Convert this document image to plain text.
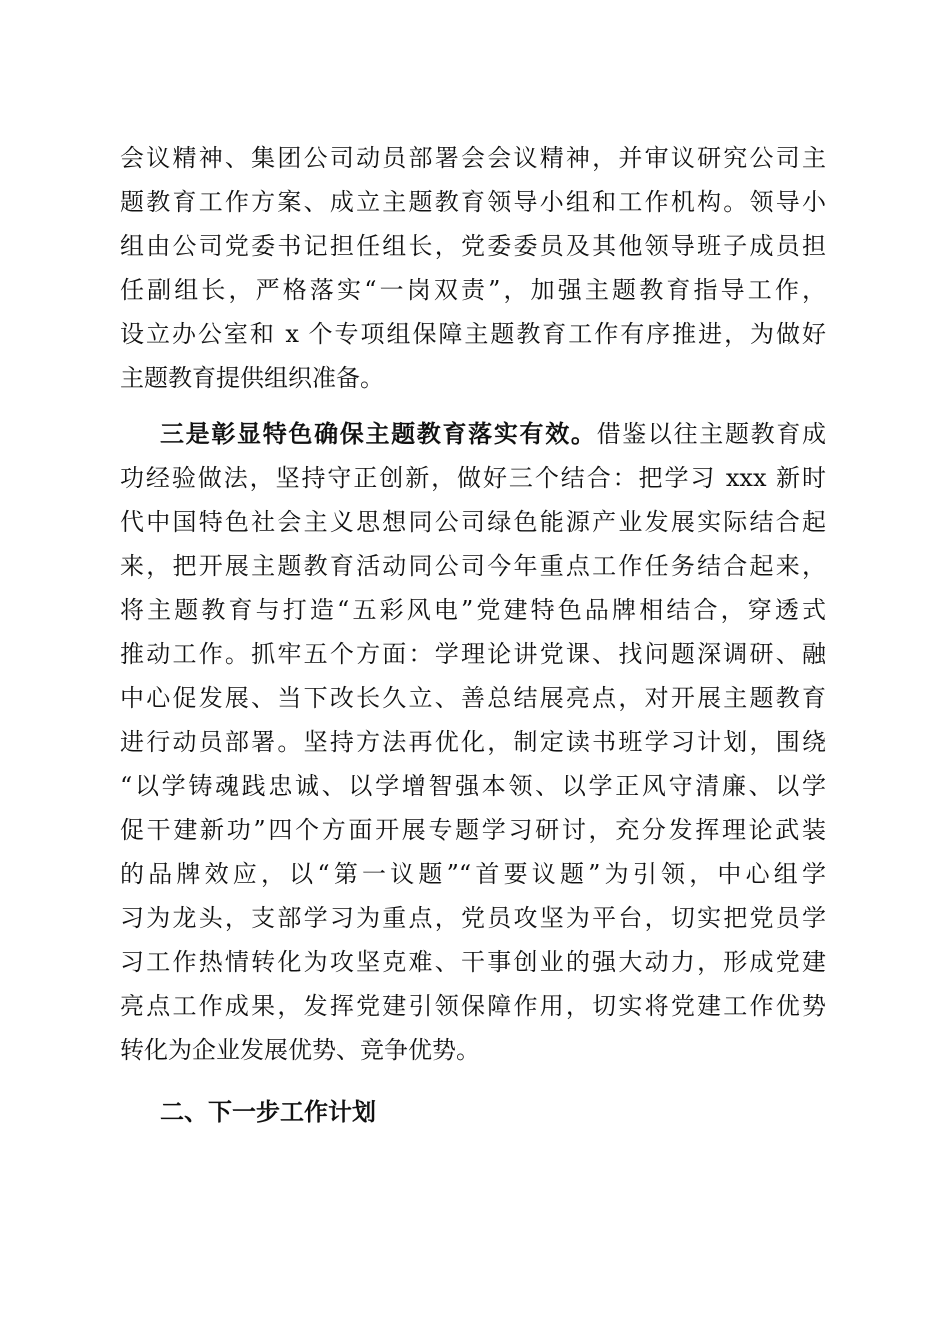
会议精神、集团公司动员部署会会议精神，并审议研究公司主
题教育工作方案、成立主题教育领导小组和工作机构。领导小
组由公司党委书记担任组长，党委委员及其他领导班子成员担
任副组长，严格落实“一岗双责”，加强主题教育指导工作，
设立办公室和 x 个专项组保障主题教育工作有序推进，为做好
主题教育提供组织准备。
三是彰显特色确保主题教育落实有效。借鉴以往主题教育成
功经验做法，坚持守正创新，做好三个结合：把学习 xxx 新时
代中国特色社会主义思想同公司绿色能源产业发展实际结合起
来，把开展主题教育活动同公司今年重点工作任务结合起来，
将主题教育与打造“五彩风电”党建特色品牌相结合，穿透式
推动工作。抓牢五个方面：学理论讲党课、找问题深调研、融
中心促发展、当下改长久立、善总结展亮点，对开展主题教育
进行动员部署。坚持方法再优化，制定读书班学习计划，围绕
“以学铸魂践忠诚、以学增智强本领、以学正风守清廉、以学
促干建新功”四个方面开展专题学习研讨，充分发挥理论武装
的品牌效应，以“第一议题”“首要议题”为引领，中心组学
习为龙头，支部学习为重点，党员攻坚为平台，切实把党员学
习工作热情转化为攻坚克难、干事创业的强大动力，形成党建
亮点工作成果，发挥党建引领保障作用，切实将党建工作优势
转化为企业发展优势、竞争优势。
二、下一步工作计划
